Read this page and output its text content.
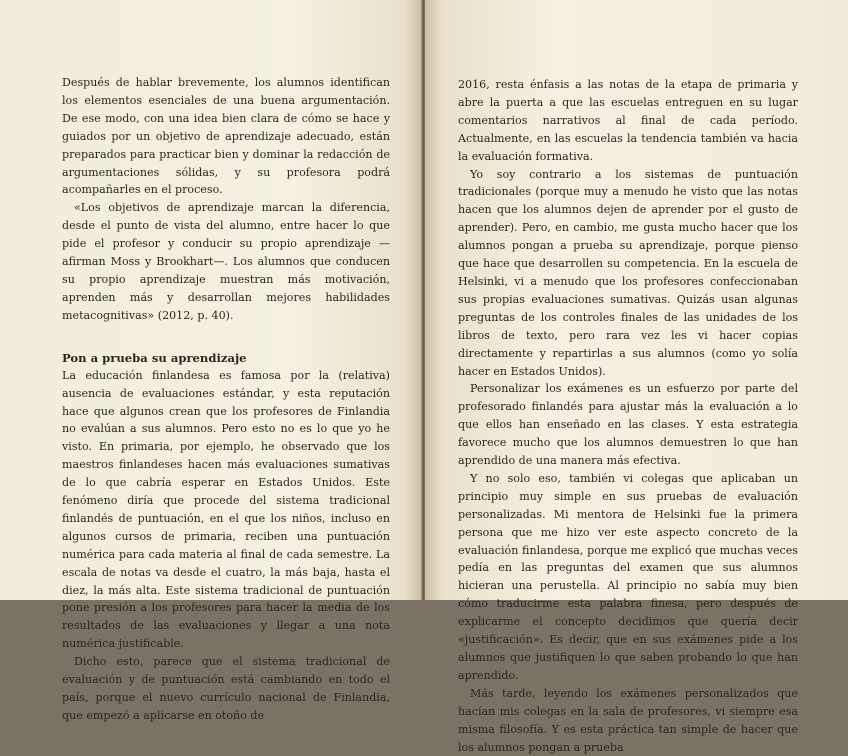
Después de hablar brevemente, los alumnos identifican los elementos esenciales de una buena argumentación. De ese modo, con una idea bien clara de cómo se hace y guiados por un objetivo de aprendizaje adecuado, están preparados para practicar bien y dominar la redacción de argumentaciones sólidas, y su profesora podrá acompañarles en el proceso.

«Los objetivos de aprendizaje marcan la diferencia, desde el punto de vista del alumno, entre hacer lo que pide el profesor y conducir su propio aprendizaje —afirman Moss y Brookhart—. Los alumnos que conducen su propio aprendizaje muestran más motivación, aprenden más y desarrollan mejores habilidades metacognitivas» (2012, p. 40).

Pon a prueba su aprendizaje

La educación finlandesa es famosa por la (relativa) ausencia de evaluaciones estándar, y esta reputación hace que algunos crean que los profesores de Finlandia no evalúan a sus alumnos. Pero esto no es lo que yo he visto. En primaria, por ejemplo, he observado que los maestros finlandeses hacen más evaluaciones sumativas de lo que cabría esperar en Estados Unidos. Este fenómeno diría que procede del sistema tradicional finlandés de puntuación, en el que los niños, incluso en algunos cursos de primaria, reciben una puntuación numérica para cada materia al final de cada semestre. La escala de notas va desde el cuatro, la más baja, hasta el diez, la más alta. Este sistema tradicional de puntuación pone presión a los profesores para hacer la media de los resultados de las evaluaciones y llegar a una nota numérica justificable.

Dicho esto, parece que el sistema tradicional de evaluación y de puntuación está cambiando en todo el país, porque el nuevo currículo nacional de Finlandia, que empezó a aplicarse en otoño de

2016, resta énfasis a las notas de la etapa de primaria y abre la puerta a que las escuelas entreguen en su lugar comentarios narrativos al final de cada período. Actualmente, en las escuelas la tendencia también va hacia la evaluación formativa.

Yo soy contrario a los sistemas de puntuación tradicionales (porque muy a menudo he visto que las notas hacen que los alumnos dejen de aprender por el gusto de aprender). Pero, en cambio, me gusta mucho hacer que los alumnos pongan a prueba su aprendizaje, porque pienso que hace que desarrollen su competencia. En la escuela de Helsinki, vi a menudo que los profesores confeccionaban sus propias evaluaciones sumativas. Quizás usan algunas preguntas de los controles finales de las unidades de los libros de texto, pero rara vez les vi hacer copias directamente y repartirlas a sus alumnos (como yo solía hacer en Estados Unidos).

Personalizar los exámenes es un esfuerzo por parte del profesorado finlandés para ajustar más la evaluación a lo que ellos han enseñado en las clases. Y esta estrategia favorece mucho que los alumnos demuestren lo que han aprendido de una manera más efectiva.

Y no solo eso, también vi colegas que aplicaban un principio muy simple en sus pruebas de evaluación personalizadas. Mi mentora de Helsinki fue la primera persona que me hizo ver este aspecto concreto de la evaluación finlandesa, porque me explicó que muchas veces pedía en las preguntas del examen que sus alumnos hicieran una perustella. Al principio no sabía muy bien cómo traducirme esta palabra finesa, pero después de explicarme el concepto decidimos que quería decir «justificación». Es decir, que en sus exámenes pide a los alumnos que justifiquen lo que saben probando lo que han aprendido.

Más tarde, leyendo los exámenes personalizados que hacían mis colegas en la sala de profesores, vi siempre esa misma filosofía. Y es esta práctica tan simple de hacer que los alumnos pongan a prueba
